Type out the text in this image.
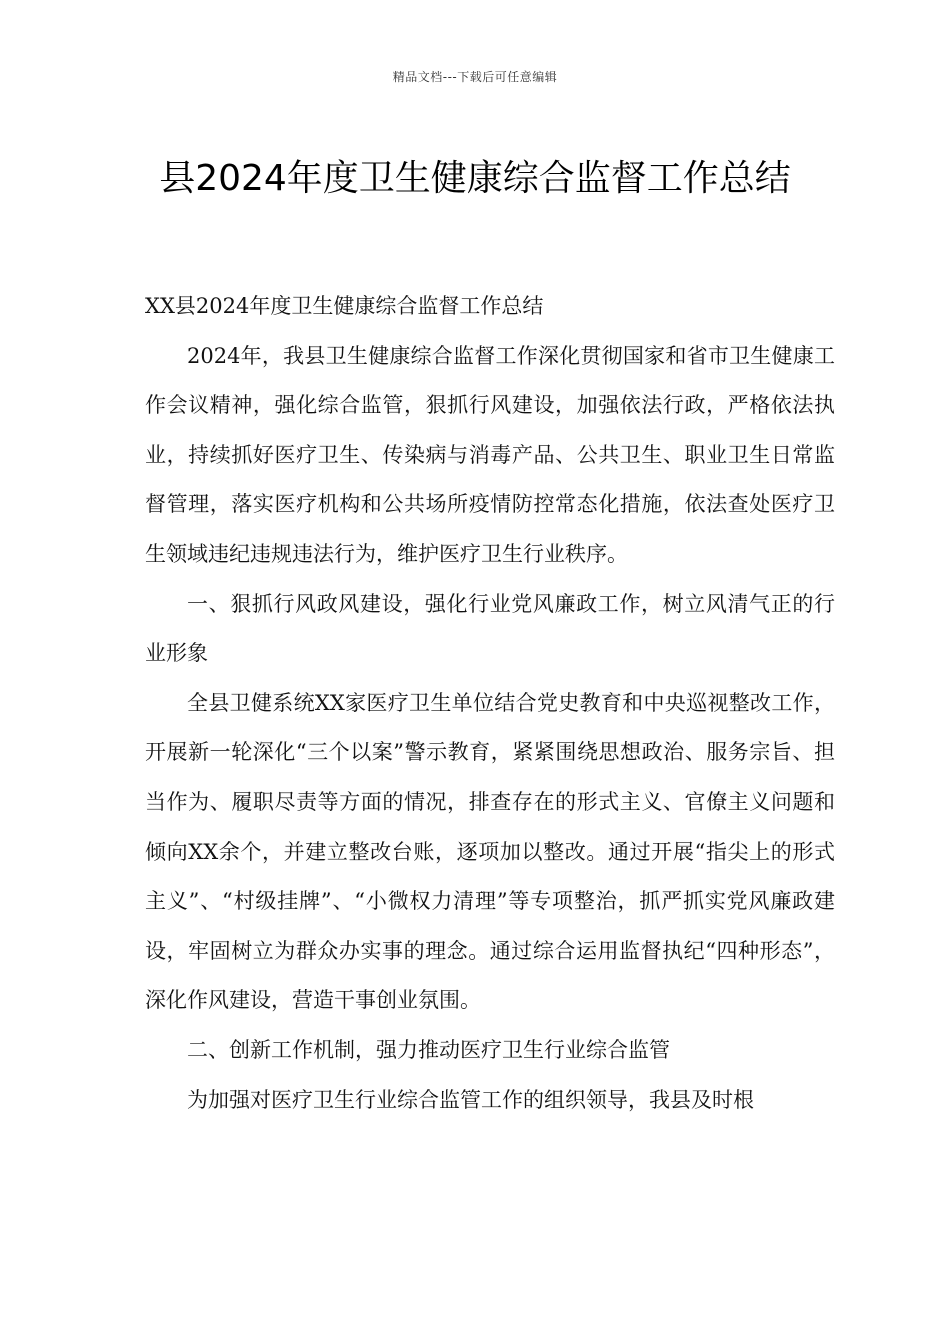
精品文档---下载后可任意编辑
县2024年度卫生健康综合监督工作总结

XX县2024年度卫生健康综合监督工作总结

2024年，我县卫生健康综合监督工作深化贯彻国家和省市卫生健康工作会议精神，强化综合监管，狠抓行风建设，加强依法行政，严格依法执业，持续抓好医疗卫生、传染病与消毒产品、公共卫生、职业卫生日常监督管理，落实医疗机构和公共场所疫情防控常态化措施，依法查处医疗卫生领域违纪违规违法行为，维护医疗卫生行业秩序。

一、狠抓行风政风建设，强化行业党风廉政工作，树立风清气正的行业形象

全县卫健系统XX家医疗卫生单位结合党史教育和中央巡视整改工作，开展新一轮深化“三个以案”警示教育，紧紧围绕思想政治、服务宗旨、担当作为、履职尽责等方面的情况，排查存在的形式主义、官僚主义问题和倾向XX余个，并建立整改台账，逐项加以整改。通过开展“指尖上的形式主义”、“村级挂牌”、“小微权力清理”等专项整治，抓严抓实党风廉政建设，牢固树立为群众办实事的理念。通过综合运用监督执纪“四种形态”，深化作风建设，营造干事创业氛围。

二、创新工作机制，强力推动医疗卫生行业综合监管

为加强对医疗卫生行业综合监管工作的组织领导，我县及时根
